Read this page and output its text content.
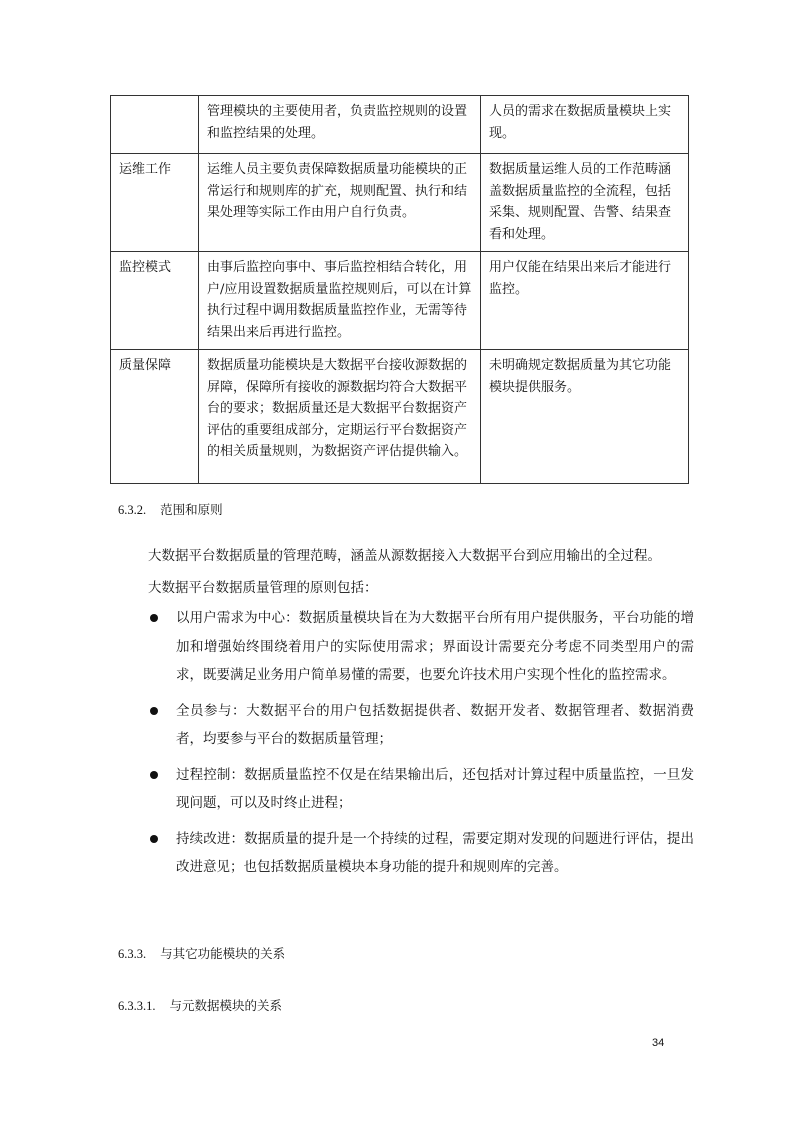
	管理模块的主要使用者，负责监控规则的设置和监控结果的处理。	人员的需求在数据质量模块上实现。
运维工作	运维人员主要负责保障数据质量功能模块的正常运行和规则库的扩充，规则配置、执行和结果处理等实际工作由用户自行负责。	数据质量运维人员的工作范畴涵盖数据质量监控的全流程，包括采集、规则配置、告警、结果查看和处理。
监控模式	由事后监控向事中、事后监控相结合转化，用户/应用设置数据质量监控规则后，可以在计算执行过程中调用数据质量监控作业，无需等待结果出来后再进行监控。	用户仅能在结果出来后才能进行监控。
质量保障	数据质量功能模块是大数据平台接收源数据的屏障，保障所有接收的源数据均符合大数据平台的要求；数据质量还是大数据平台数据资产评估的重要组成部分，定期运行平台数据资产的相关质量规则，为数据资产评估提供输入。	未明确规定数据质量为其它功能模块提供服务。
6.3.2. 范围和原则
大数据平台数据质量的管理范畴，涵盖从源数据接入大数据平台到应用输出的全过程。
大数据平台数据质量管理的原则包括：
以用户需求为中心：数据质量模块旨在为大数据平台所有用户提供服务，平台功能的增加和增强始终围绕着用户的实际使用需求；界面设计需要充分考虑不同类型用户的需求，既要满足业务用户简单易懂的需要，也要允许技术用户实现个性化的监控需求。
全员参与：大数据平台的用户包括数据提供者、数据开发者、数据管理者、数据消费者，均要参与平台的数据质量管理；
过程控制：数据质量监控不仅是在结果输出后，还包括对计算过程中质量监控，一旦发现问题，可以及时终止进程；
持续改进：数据质量的提升是一个持续的过程，需要定期对发现的问题进行评估，提出改进意见；也包括数据质量模块本身功能的提升和规则库的完善。
6.3.3. 与其它功能模块的关系
6.3.3.1. 与元数据模块的关系
34
